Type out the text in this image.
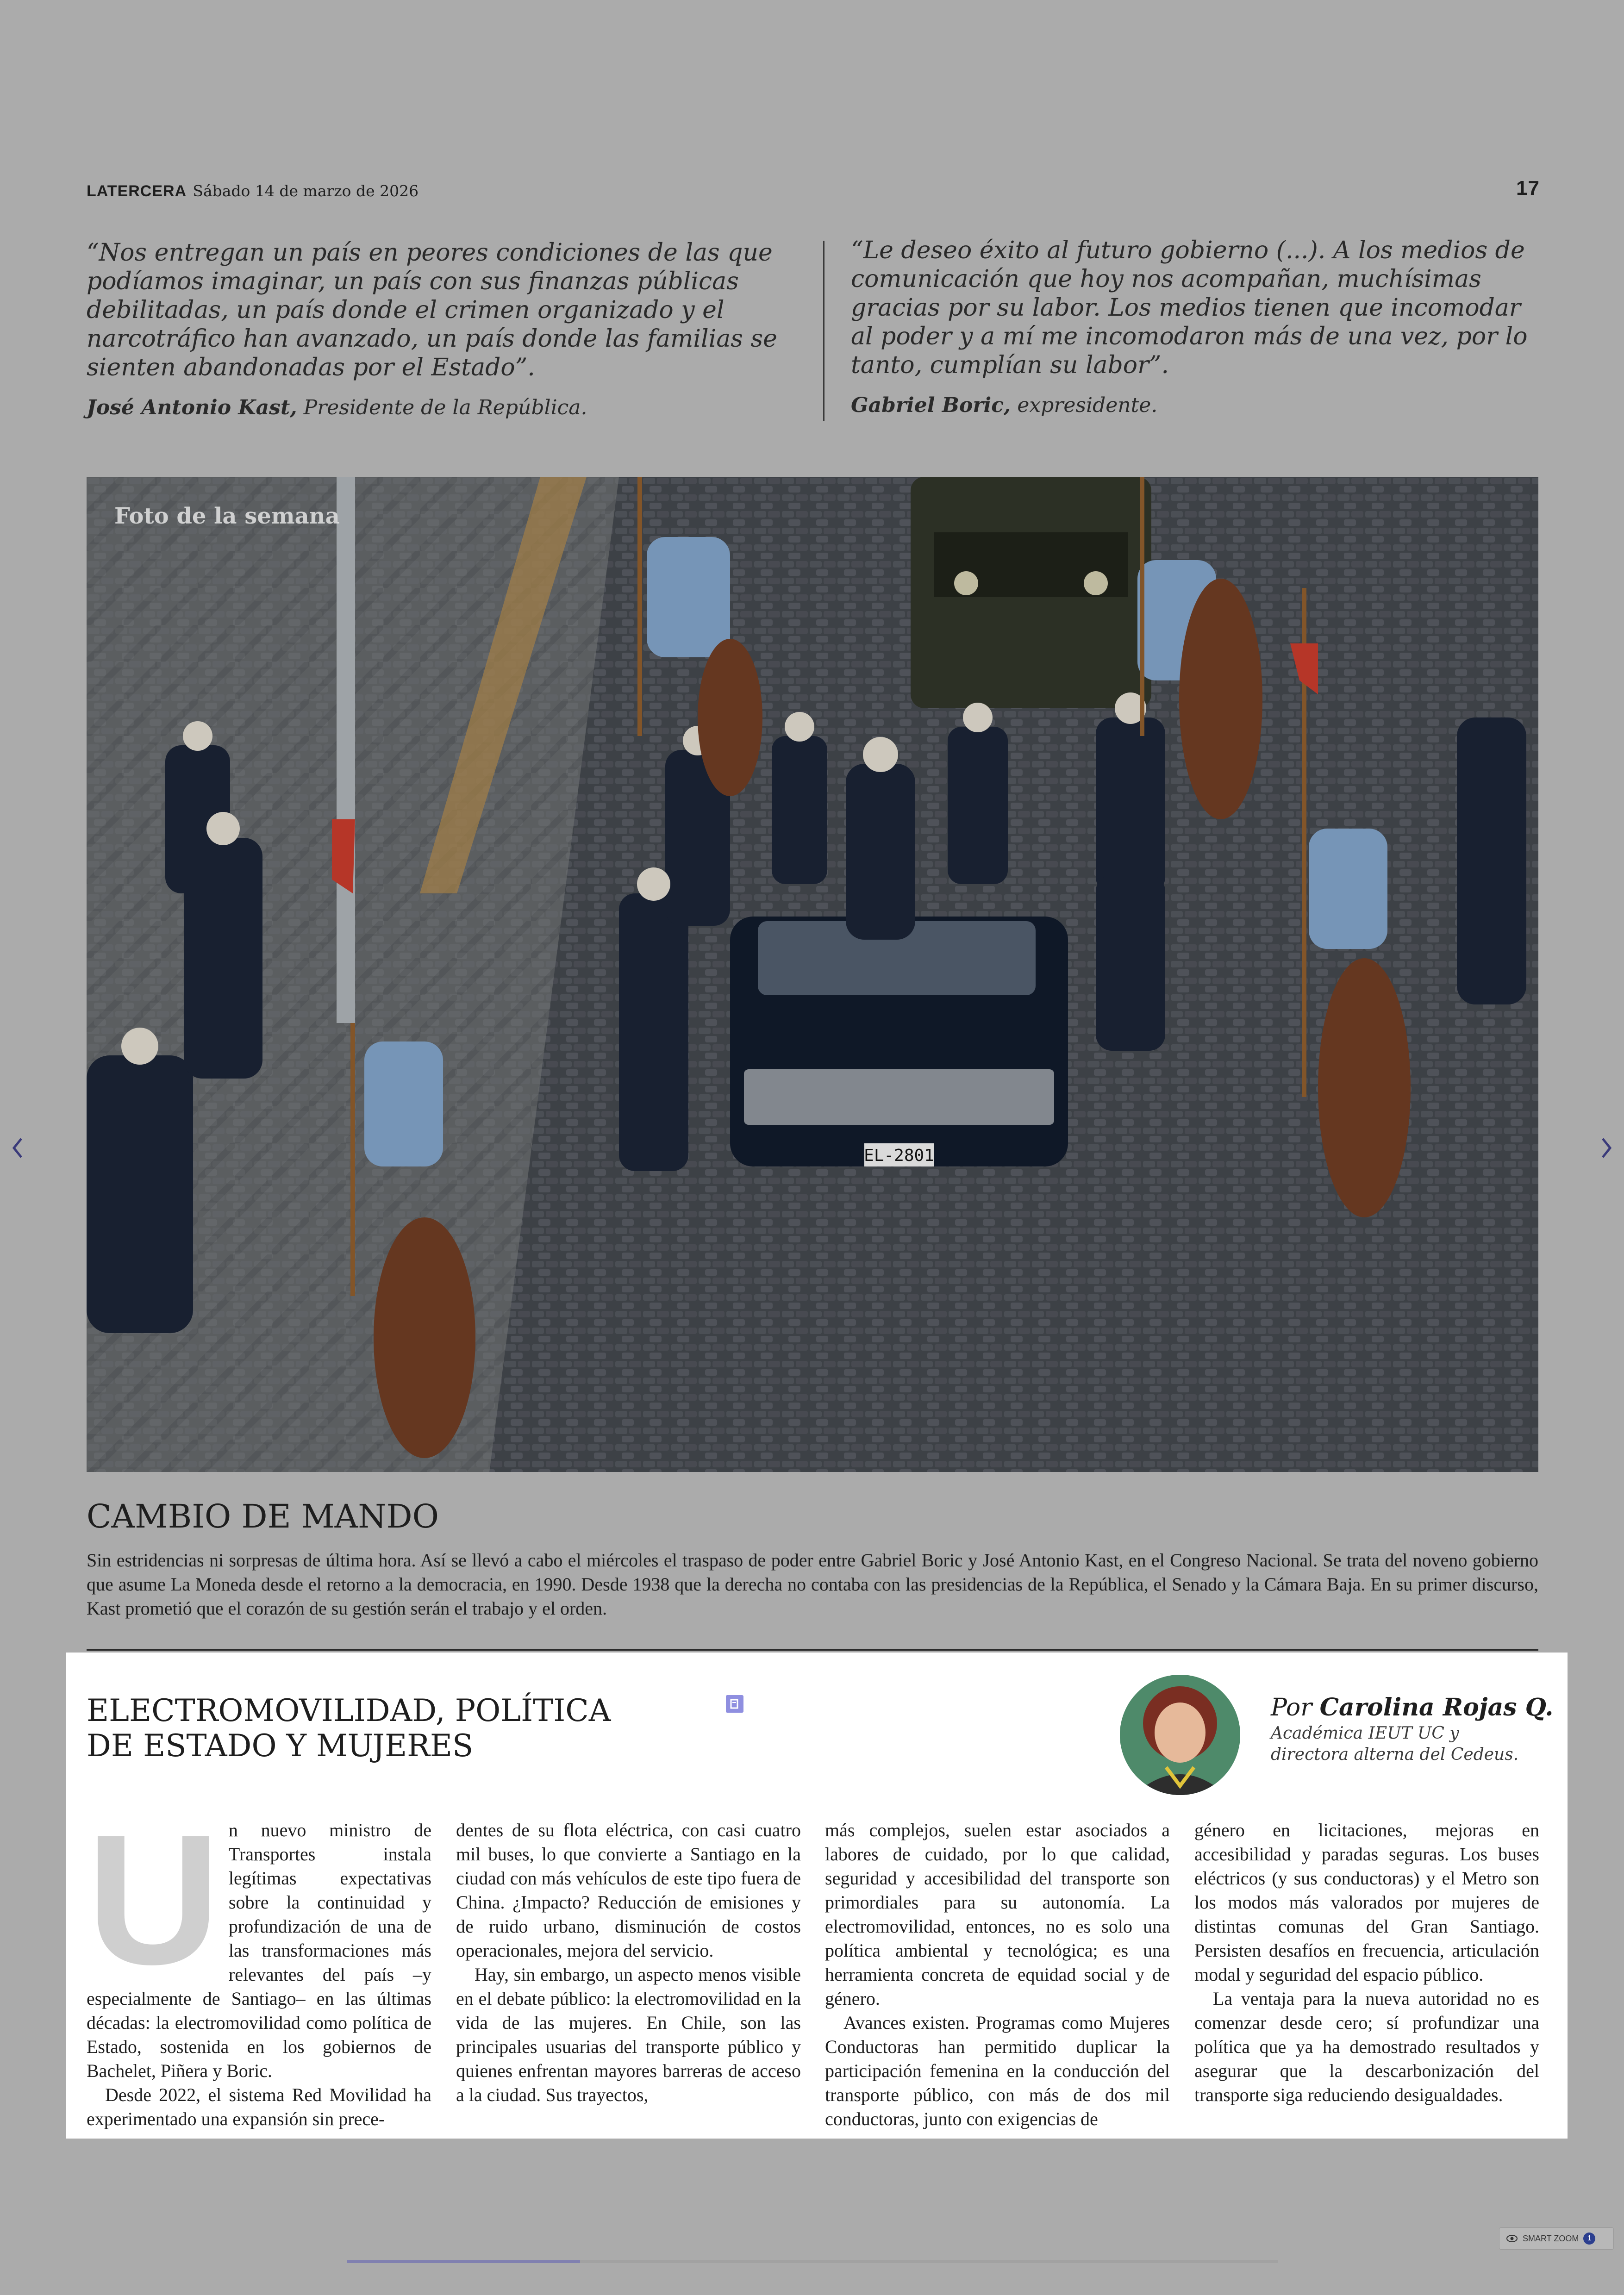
LATERCERA Sábado 14 de marzo de 2026	17
“Nos entregan un país en peores condiciones de las que podíamos imaginar, un país con sus finanzas públicas debilitadas, un país donde el crimen organizado y el narcotráfico han avanzado, un país donde las familias se sienten abandonadas por el Estado”.
José Antonio Kast, Presidente de la República.
“Le deseo éxito al futuro gobierno (...). A los medios de comunicación que hoy nos acompañan, muchísimas gracias por su labor. Los medios tienen que incomodar al poder y a mí me incomodaron más de una vez, por lo tanto, cumplían su labor”.
Gabriel Boric, expresidente.
EL-2801
Foto de la semana
CAMBIO DE MANDO
Sin estridencias ni sorpresas de última hora. Así se llevó a cabo el miércoles el traspaso de poder entre Gabriel Boric y José Antonio Kast, en el Congreso Nacional. Se trata del noveno gobierno que asume La Moneda desde el retorno a la democracia, en 1990. Desde 1938 que la derecha no contaba con las presidencias de la República, el Senado y la Cámara Baja. En su primer discurso, Kast prometió que el corazón de su gestión serán el trabajo y el orden.
ELECTROMOVILIDAD, POLÍTICA
DE ESTADO Y MUJERES
Por Carolina Rojas Q.
Académica IEUT UC y directora alterna del Cedeus.
U n nuevo ministro de Transportes instala legítimas expectativas sobre la continuidad y profundización de una de las transformaciones más relevantes del país –y especialmente de Santiago– en las últimas décadas: la electromovilidad como política de Estado, sostenida en los gobiernos de Bachelet, Piñera y Boric.

Desde 2022, el sistema Red Movilidad ha experimentado una expansión sin prece-

dentes de su flota eléctrica, con casi cuatro mil buses, lo que convierte a Santiago en la ciudad con más vehículos de este tipo fuera de China. ¿Impacto? Reducción de emisiones y de ruido urbano, disminución de costos operacionales, mejora del servicio.

Hay, sin embargo, un aspecto menos visible en el debate público: la electromovilidad en la vida de las mujeres. En Chile, son las principales usuarias del transporte público y quienes enfrentan mayores barreras de acceso a la ciudad. Sus trayectos,

más complejos, suelen estar asociados a labores de cuidado, por lo que calidad, seguridad y accesibilidad del transporte son primordiales para su autonomía. La electromovilidad, entonces, no es solo una política ambiental y tecnológica; es una herramienta concreta de equidad social y de género.

Avances existen. Programas como Mujeres Conductoras han permitido duplicar la participación femenina en la conducción del transporte público, con más de dos mil conductoras, junto con exigencias de

género en licitaciones, mejoras en accesibilidad y paradas seguras. Los buses eléctricos (y sus conductoras) y el Metro son los modos más valorados por mujeres de distintas comunas del Gran Santiago. Persisten desafíos en frecuencia, articulación modal y seguridad del espacio público.

La ventaja para la nueva autoridad no es comenzar desde cero; sí profundizar una política que ya ha demostrado resultados y asegurar que la descarbonización del transporte siga reduciendo desigualdades.

SMART ZOOM	1
